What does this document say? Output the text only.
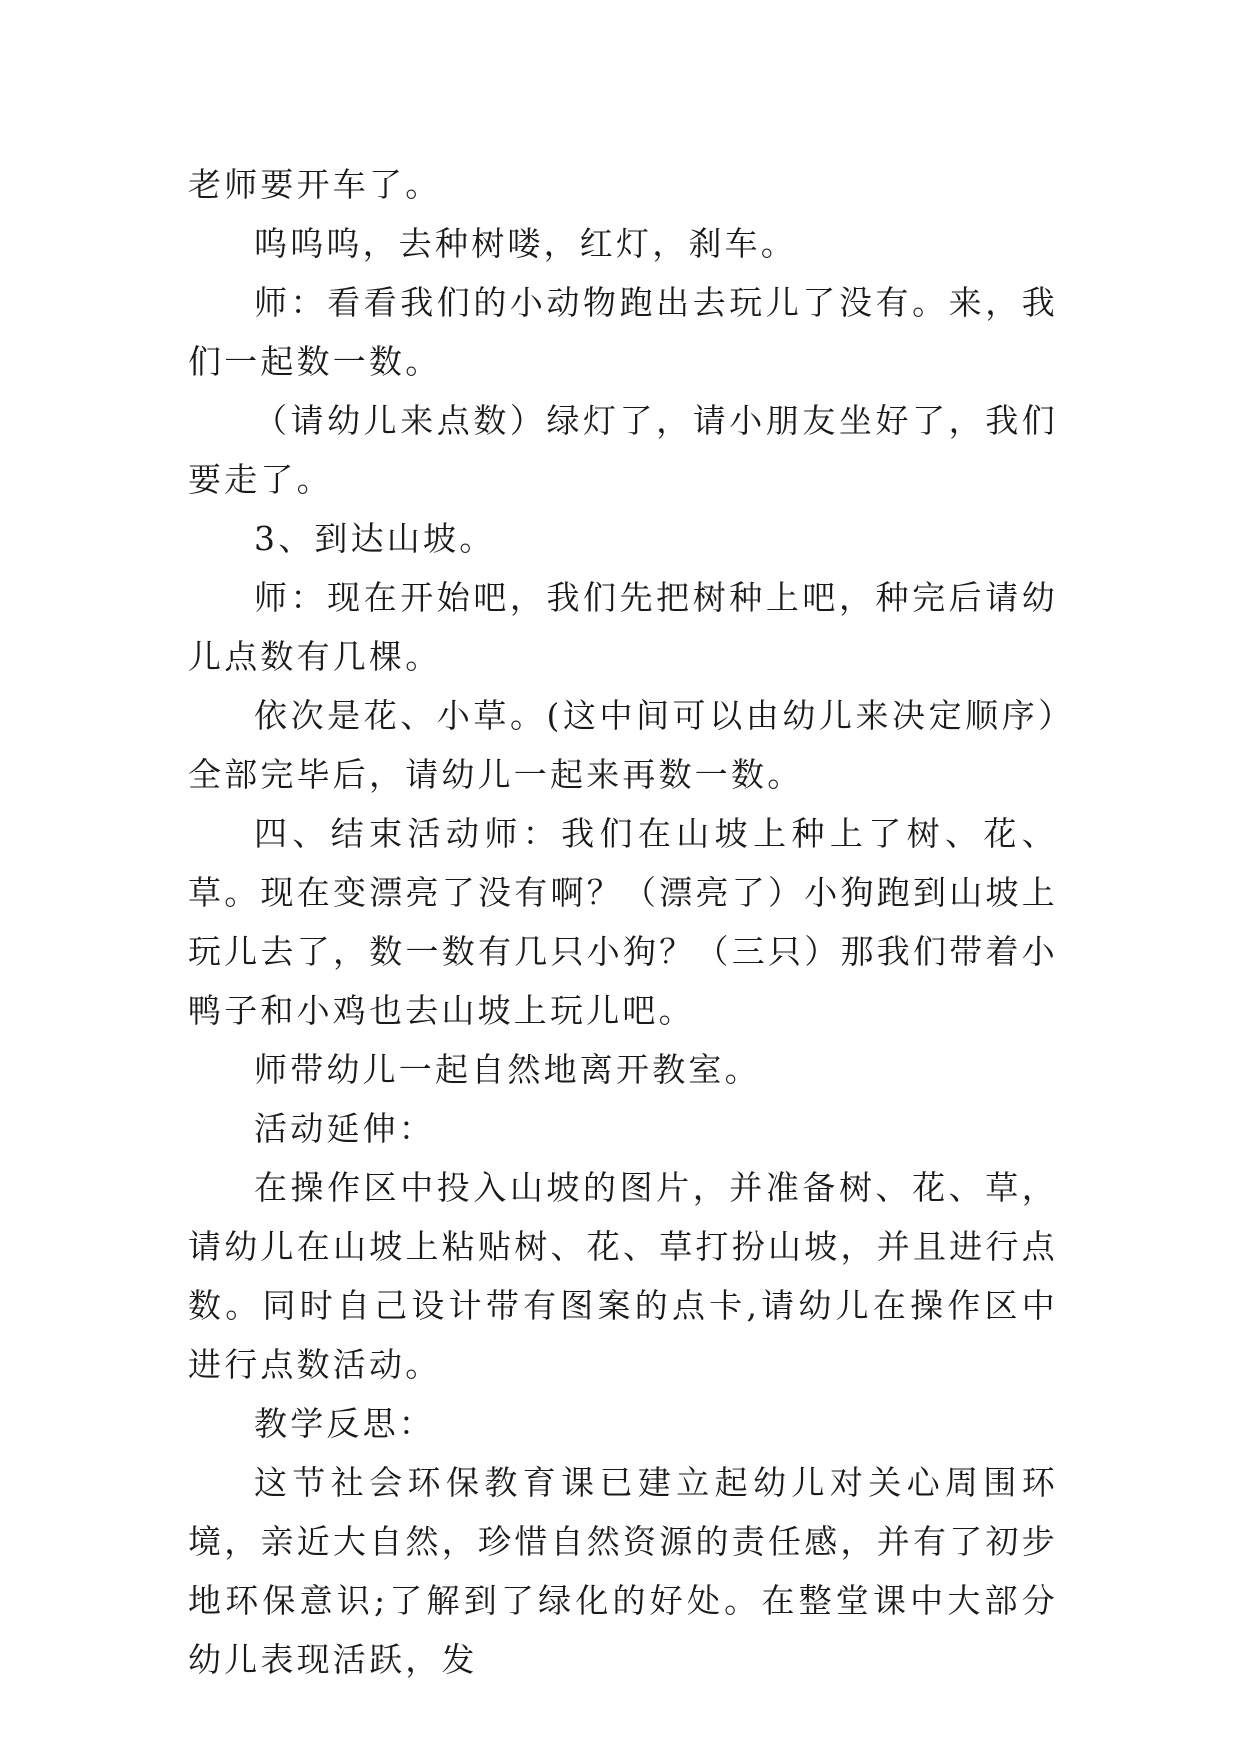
老师要开车了。

呜呜呜，去种树喽，红灯，刹车。

师：看看我们的小动物跑出去玩儿了没有。来，我们一起数一数。

（请幼儿来点数）绿灯了，请小朋友坐好了，我们要走了。

3、到达山坡。

师：现在开始吧，我们先把树种上吧，种完后请幼儿点数有几棵。

依次是花、小草。(这中间可以由幼儿来决定顺序）全部完毕后，请幼儿一起来再数一数。

四、结束活动师：我们在山坡上种上了树、花、草。现在变漂亮了没有啊？（漂亮了）小狗跑到山坡上玩儿去了，数一数有几只小狗？（三只）那我们带着小鸭子和小鸡也去山坡上玩儿吧。

师带幼儿一起自然地离开教室。

活动延伸：

在操作区中投入山坡的图片，并准备树、花、草，请幼儿在山坡上粘贴树、花、草打扮山坡，并且进行点数。同时自己设计带有图案的点卡,请幼儿在操作区中进行点数活动。

教学反思：

这节社会环保教育课已建立起幼儿对关心周围环境，亲近大自然，珍惜自然资源的责任感，并有了初步地环保意识;了解到了绿化的好处。在整堂课中大部分幼儿表现活跃，发
